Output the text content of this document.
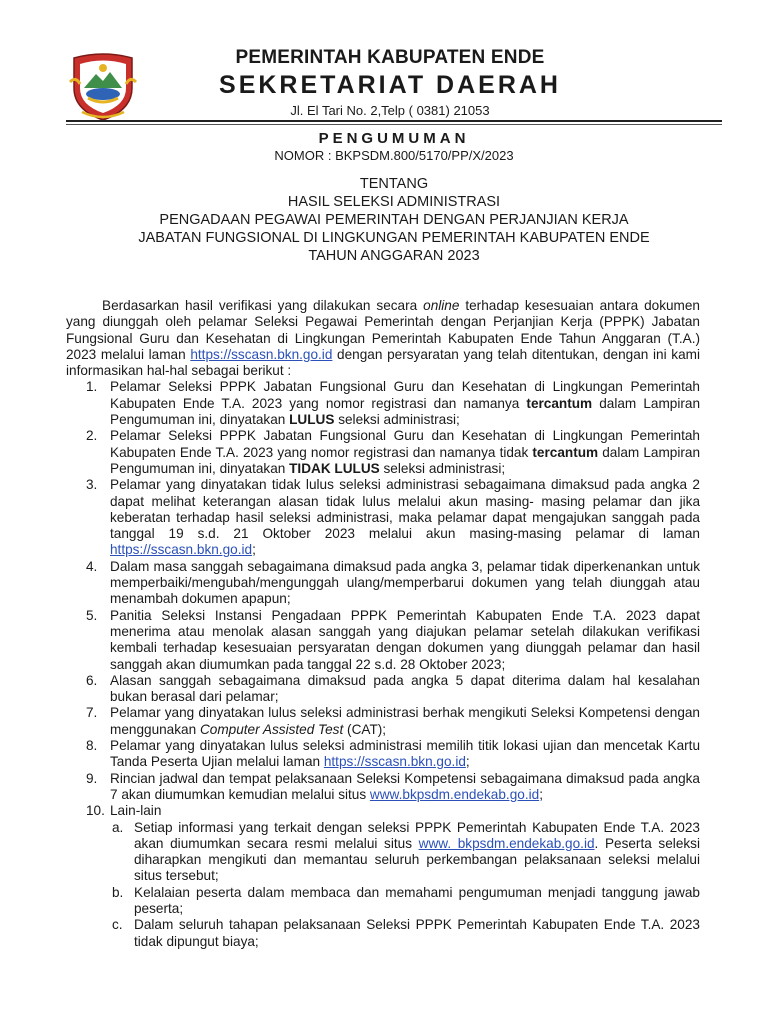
PEMERINTAH KABUPATEN ENDE
SEKRETARIAT DAERAH
Jl. El Tari No. 2,Telp ( 0381) 21053
PENGUMUMAN
NOMOR : BKPSDM.800/5170/PP/X/2023
TENTANG
HASIL SELEKSI ADMINISTRASI
PENGADAAN PEGAWAI PEMERINTAH DENGAN PERJANJIAN KERJA
JABATAN FUNGSIONAL DI LINGKUNGAN PEMERINTAH KABUPATEN ENDE
TAHUN ANGGARAN 2023

Berdasarkan hasil verifikasi yang dilakukan secara online terhadap kesesuaian antara dokumen yang diunggah oleh pelamar Seleksi Pegawai Pemerintah dengan Perjanjian Kerja (PPPK) Jabatan Fungsional Guru dan Kesehatan di Lingkungan Pemerintah Kabupaten Ende Tahun Anggaran (T.A.) 2023 melalui laman https://sscasn.bkn.go.id dengan persyaratan yang telah ditentukan, dengan ini kami informasikan hal-hal sebagai berikut :

1. Pelamar Seleksi PPPK Jabatan Fungsional Guru dan Kesehatan di Lingkungan Pemerintah Kabupaten Ende T.A. 2023 yang nomor registrasi dan namanya tercantum dalam Lampiran Pengumuman ini, dinyatakan LULUS seleksi administrasi;
2. Pelamar Seleksi PPPK Jabatan Fungsional Guru dan Kesehatan di Lingkungan Pemerintah Kabupaten Ende T.A. 2023 yang nomor registrasi dan namanya tidak tercantum dalam Lampiran Pengumuman ini, dinyatakan TIDAK LULUS seleksi administrasi;
3. Pelamar yang dinyatakan tidak lulus seleksi administrasi sebagaimana dimaksud pada angka 2 dapat melihat keterangan alasan tidak lulus melalui akun masing- masing pelamar dan jika keberatan terhadap hasil seleksi administrasi, maka pelamar dapat mengajukan sanggah pada tanggal 19 s.d. 21 Oktober 2023 melalui akun masing-masing pelamar di laman https://sscasn.bkn.go.id;
4. Dalam masa sanggah sebagaimana dimaksud pada angka 3, pelamar tidak diperkenankan untuk memperbaiki/mengubah/mengunggah ulang/memperbarui dokumen yang telah diunggah atau menambah dokumen apapun;
5. Panitia Seleksi Instansi Pengadaan PPPK Pemerintah Kabupaten Ende T.A. 2023 dapat menerima atau menolak alasan sanggah yang diajukan pelamar setelah dilakukan verifikasi kembali terhadap kesesuaian persyaratan dengan dokumen yang diunggah pelamar dan hasil sanggah akan diumumkan pada tanggal 22 s.d. 28 Oktober 2023;
6. Alasan sanggah sebagaimana dimaksud pada angka 5 dapat diterima dalam hal kesalahan bukan berasal dari pelamar;
7. Pelamar yang dinyatakan lulus seleksi administrasi berhak mengikuti Seleksi Kompetensi dengan menggunakan Computer Assisted Test (CAT);
8. Pelamar yang dinyatakan lulus seleksi administrasi memilih titik lokasi ujian dan mencetak Kartu Tanda Peserta Ujian melalui laman https://sscasn.bkn.go.id;
9. Rincian jadwal dan tempat pelaksanaan Seleksi Kompetensi sebagaimana dimaksud pada angka 7 akan diumumkan kemudian melalui situs www.bkpsdm.endekab.go.id;
10. Lain-lain
a. Setiap informasi yang terkait dengan seleksi PPPK Pemerintah Kabupaten Ende T.A. 2023 akan diumumkan secara resmi melalui situs www. bkpsdm.endekab.go.id. Peserta seleksi diharapkan mengikuti dan memantau seluruh perkembangan pelaksanaan seleksi melalui situs tersebut;
b. Kelalaian peserta dalam membaca dan memahami pengumuman menjadi tanggung jawab peserta;
c. Dalam seluruh tahapan pelaksanaan Seleksi PPPK Pemerintah Kabupaten Ende T.A. 2023 tidak dipungut biaya;
